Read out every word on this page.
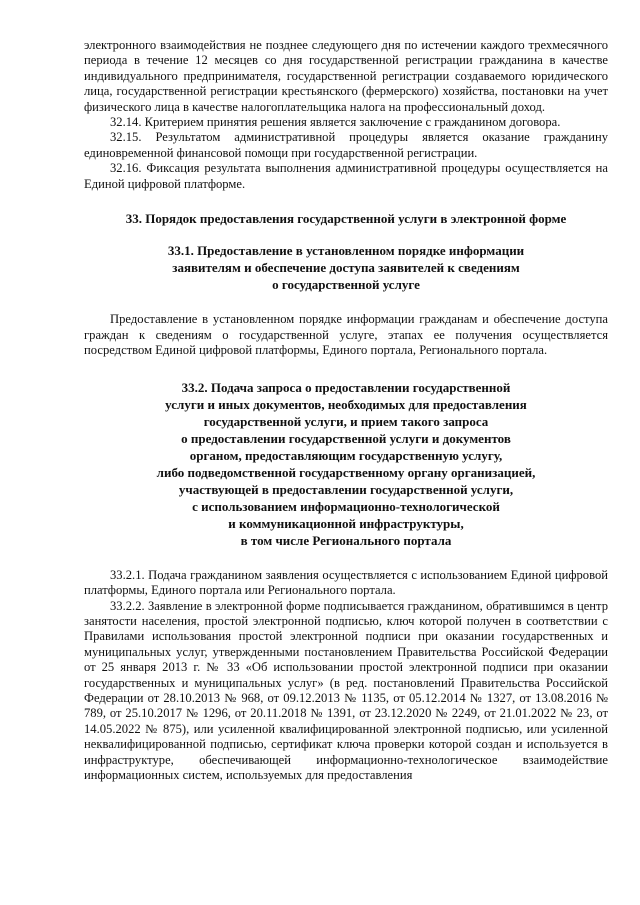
электронного взаимодействия не позднее следующего дня по истечении каждого трехмесячного периода в течение 12 месяцев со дня государственной регистрации гражданина в качестве индивидуального предпринимателя, государственной регистрации создаваемого юридического лица, государственной регистрации крестьянского (фермерского) хозяйства, постановки на учет физического лица в качестве налогоплательщика налога на профессиональный доход.

32.14. Критерием принятия решения является заключение с гражданином договора.

32.15. Результатом административной процедуры является оказание гражданину единовременной финансовой помощи при государственной регистрации.

32.16. Фиксация результата выполнения административной процедуры осуществляется на Единой цифровой платформе.

33. Порядок предоставления государственной услуги в электронной форме
33.1. Предоставление в установленном порядке информации
заявителям и обеспечение доступа заявителей к сведениям
о государственной услуге

Предоставление в установленном порядке информации гражданам и обеспечение доступа граждан к сведениям о государственной услуге, этапах ее получения осуществляется посредством Единой цифровой платформы, Единого портала, Регионального портала.

33.2. Подача запроса о предоставлении государственной
услуги и иных документов, необходимых для предоставления
государственной услуги, и прием такого запроса
о предоставлении государственной услуги и документов
органом, предоставляющим государственную услугу,
либо подведомственной государственному органу организацией,
участвующей в предоставлении государственной услуги,
с использованием информационно-технологической
и коммуникационной инфраструктуры,
в том числе Регионального портала

33.2.1. Подача гражданином заявления осуществляется с использованием Единой цифровой платформы, Единого портала или Регионального портала.

33.2.2. Заявление в электронной форме подписывается гражданином, обратившимся в центр занятости населения, простой электронной подписью, ключ которой получен в соответствии с Правилами использования простой электронной подписи при оказании государственных и муниципальных услуг, утвержденными постановлением Правительства Российской Федерации от 25 января 2013 г. № 33 «Об использовании простой электронной подписи при оказании государственных и муниципальных услуг» (в ред. постановлений Правительства Российской Федерации от 28.10.2013 № 968, от 09.12.2013 № 1135, от 05.12.2014 № 1327, от 13.08.2016 № 789, от 25.10.2017 № 1296, от 20.11.2018 № 1391, от 23.12.2020 № 2249, от 21.01.2022 № 23, от 14.05.2022 № 875), или усиленной квалифицированной электронной подписью, или усиленной неквалифицированной подписью, сертификат ключа проверки которой создан и используется в инфраструктуре, обеспечивающей информационно-технологическое взаимодействие информационных систем, используемых для предоставления
